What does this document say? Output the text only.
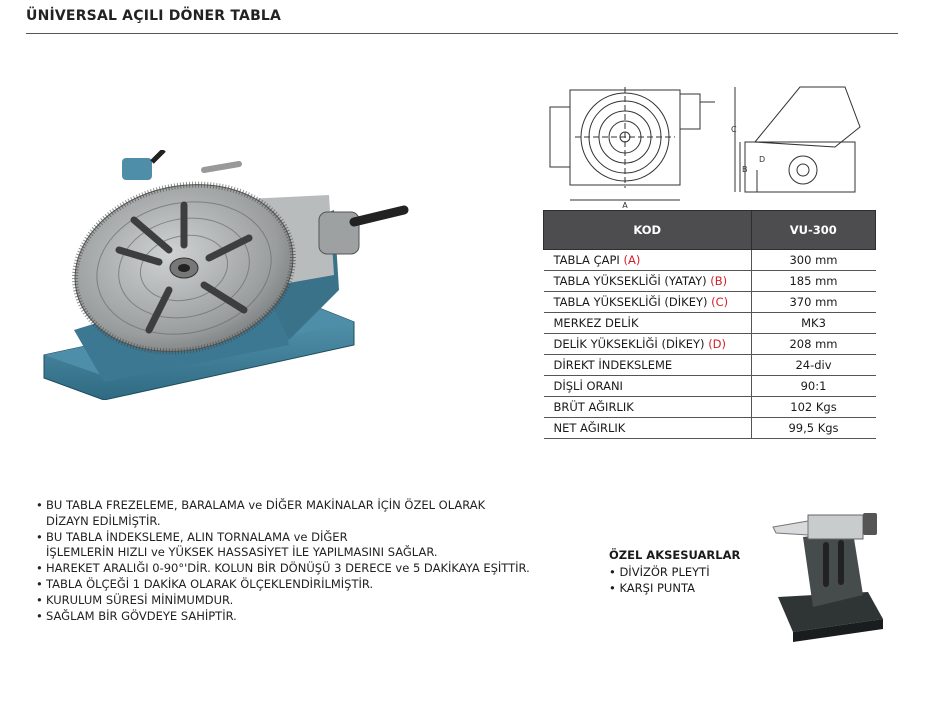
ÜNİVERSAL AÇILI DÖNER TABLA
A
C
B
D
KOD	VU-300
TABLA ÇAPI (A)	300 mm
TABLA YÜKSEKLİĞİ (YATAY) (B)	185 mm
TABLA YÜKSEKLİĞİ (DİKEY) (C)	370 mm
MERKEZ DELİK	MK3
DELİK YÜKSEKLİĞİ (DİKEY) (D)	208 mm
DİREKT İNDEKSLEME	24-div
DİŞLİ ORANI	90:1
BRÜT AĞIRLIK	102 Kgs
NET AĞIRLIK	99,5 Kgs
• BU TABLA FREZELEME, BARALAMA ve DİĞER MAKİNALAR İÇİN ÖZEL OLARAK
DİZAYN EDİLMİŞTİR.
• BU TABLA İNDEKSLEME, ALIN TORNALAMA ve DİĞER
İŞLEMLERİN HIZLI ve YÜKSEK HASSASİYET İLE YAPILMASINI SAĞLAR.
• HAREKET ARALIĞI 0-90°'DİR. KOLUN BİR DÖNÜŞÜ 3 DERECE ve 5 DAKİKAYA EŞİTTİR.
• TABLA ÖLÇEĞİ 1 DAKİKA OLARAK ÖLÇEKLENDİRİLMİŞTİR.
• KURULUM SÜRESİ MİNİMUMDUR.
• SAĞLAM BİR GÖVDEYE SAHİPTİR.
ÖZEL AKSESUARLAR
• DİVİZÖR PLEYTİ
• KARŞI PUNTA
